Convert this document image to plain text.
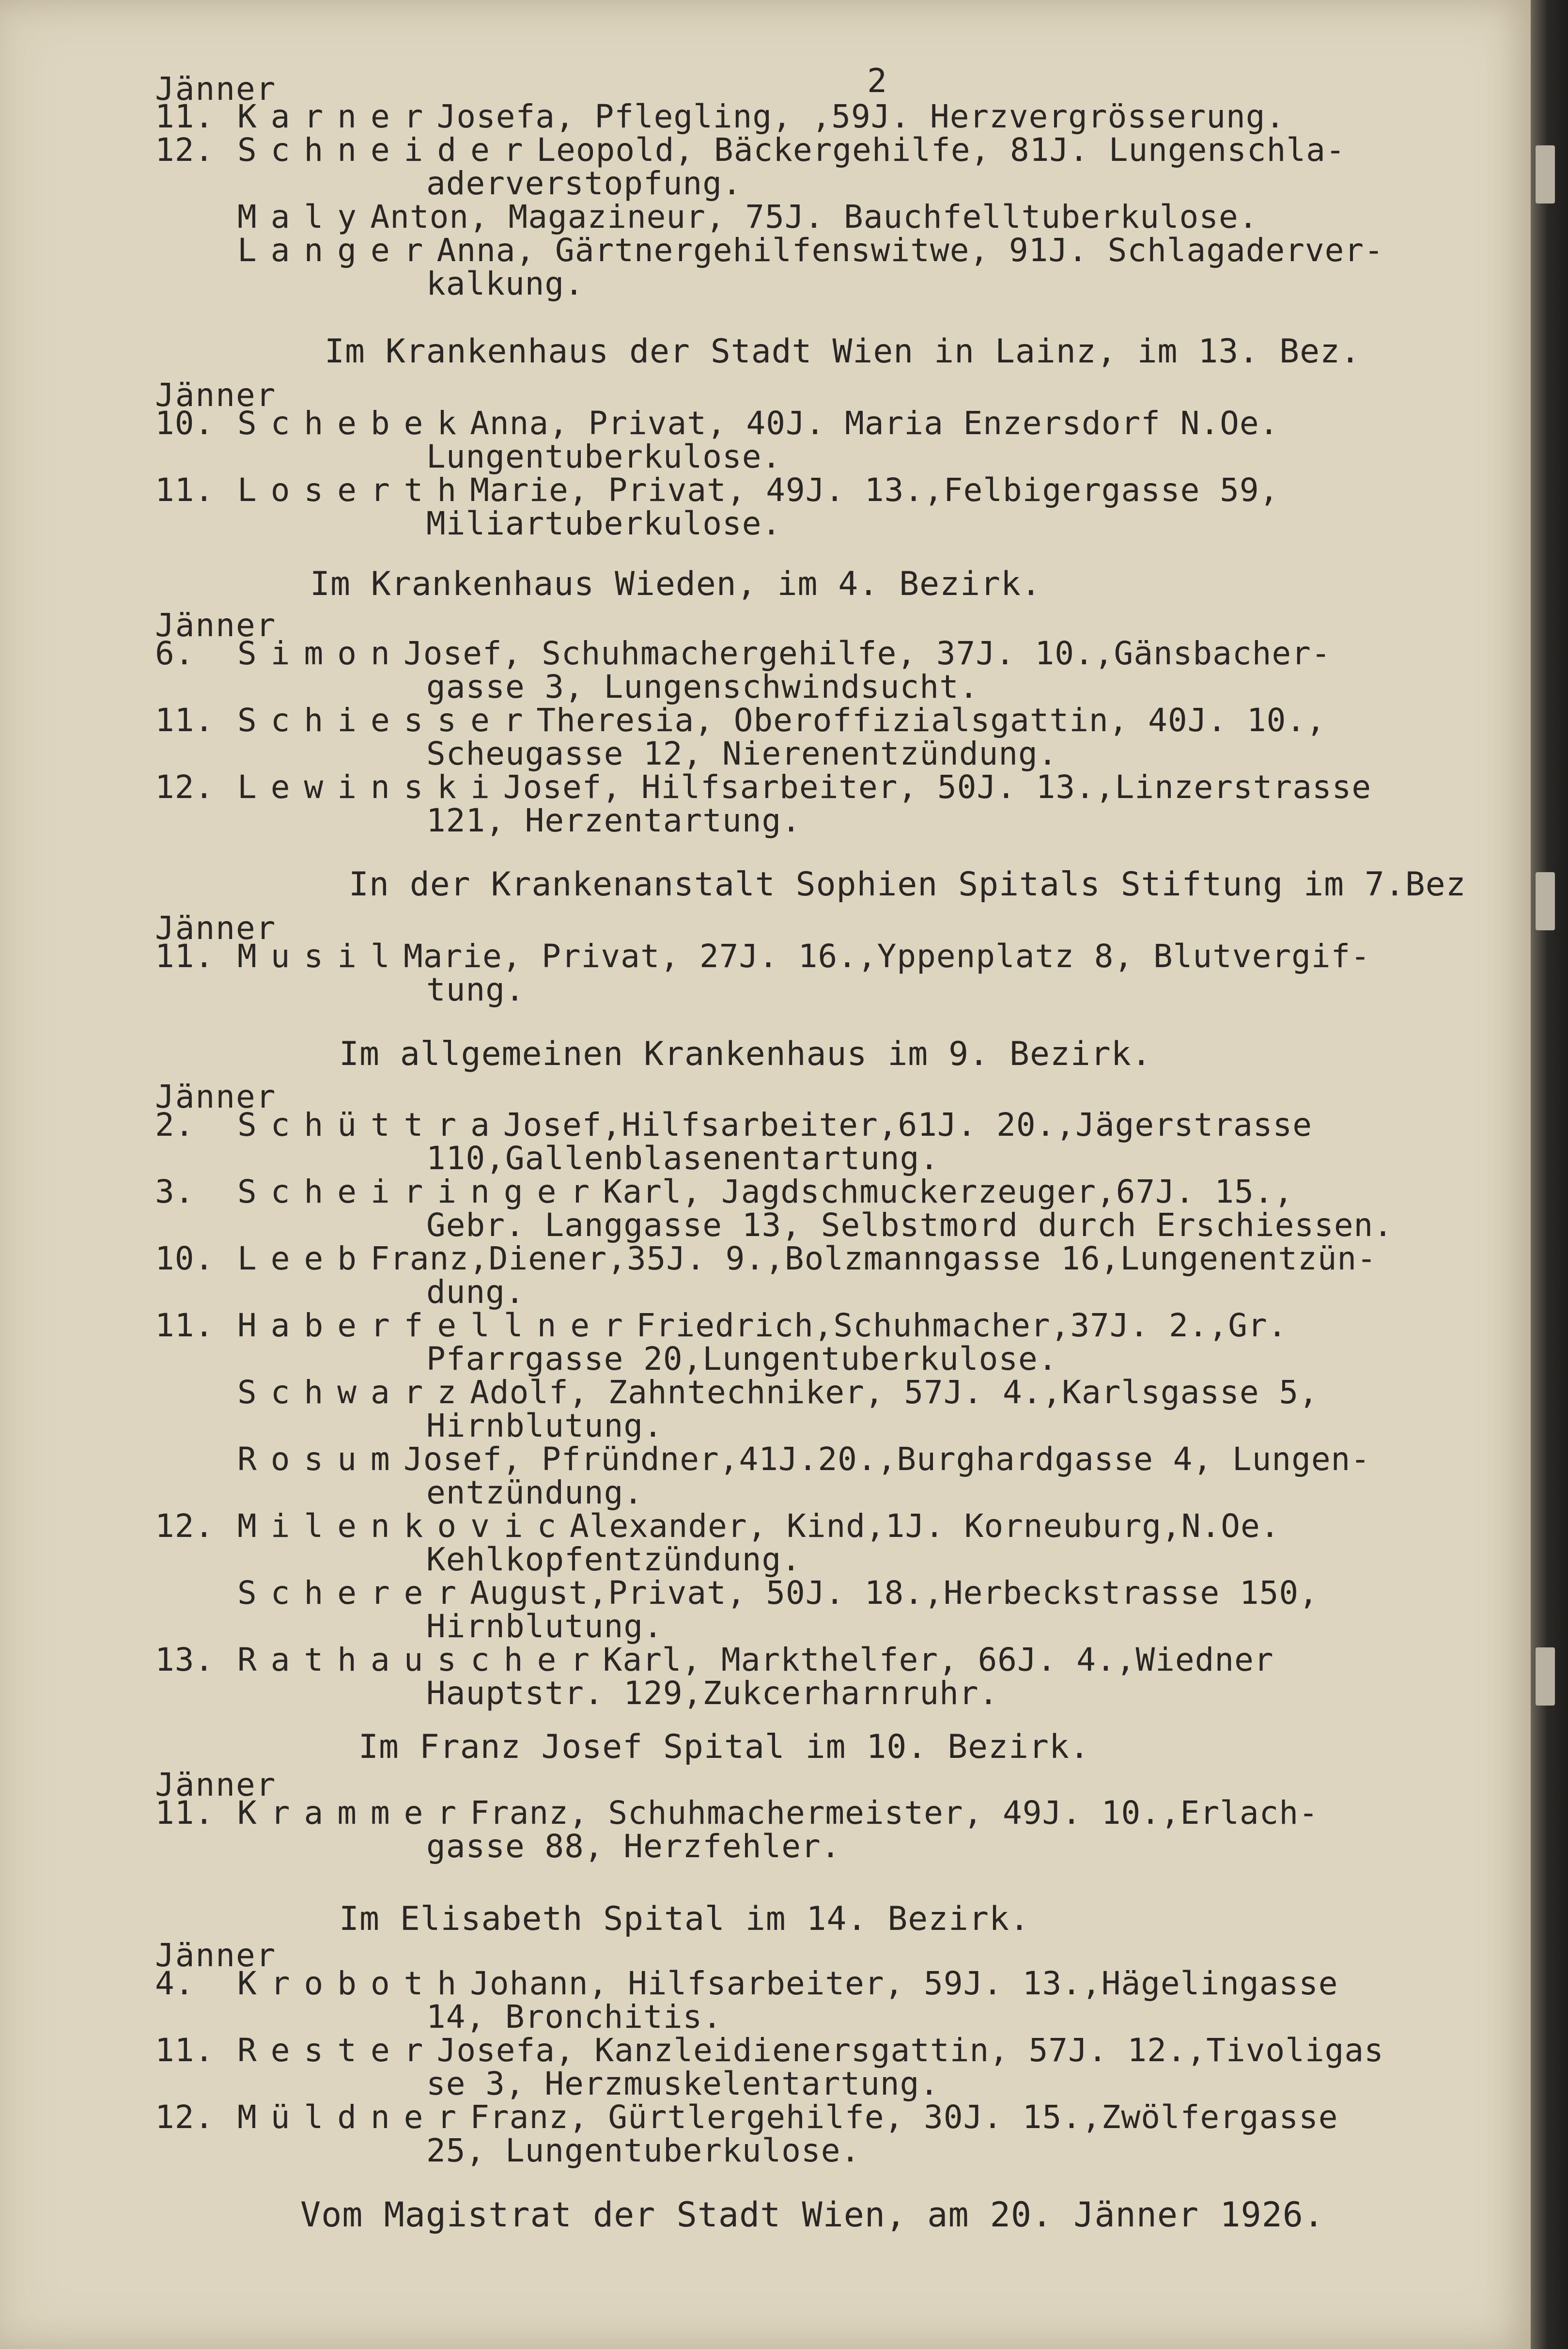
2
Jänner
11. Karner Josefa, Pflegling, ,59J. Herzvergrösserung.
12. Schneider
Leopold, Bäckergehilfe, 81J. Lungenschla-
aderverstopfung.
Maly Anton, Magazineur, 75J. Bauchfelltuberkulose.
Langer Anna, Gärtnergehilfenswitwe, 91J. Schlagaderver-
kalkung.
Im Krankenhaus der Stadt Wien in Lainz, im 13. Bez.
Jänner
10. Schebek Anna, Privat, 40J. Maria Enzersdorf N.Oe.
Lungentuberkulose.
11. Loserth Marie, Privat, 49J. 13.,Felbigergasse 59,
Miliartuberkulose.
Im Krankenhaus Wieden, im 4. Bezirk.
Jänner
6. Simon Josef, Schuhmachergehilfe, 37J. 10.,Gänsbacher-
gasse 3, Lungenschwindsucht.
11. Schiesser
Theresia, Oberoffizialsgattin, 40J. 10.,
Scheugasse 12, Nierenentzündung.
12. Lewinski
Josef, Hilfsarbeiter, 50J. 13.,Linzerstrasse
121, Herzentartung.
In der Krankenanstalt Sophien Spitals Stiftung im 7.Bez
Jänner
11. Musil Marie, Privat, 27J. 16.,Yppenplatz 8, Blutvergif-
tung.
Im allgemeinen Krankenhaus im 9. Bezirk.
Jänner
2. Schüttra
Josef,Hilfsarbeiter,61J. 20.,Jägerstrasse
110,Gallenblasenentartung.
3. Scheiringer
Karl, Jagdschmuckerzeuger,67J. 15.,
Gebr. Langgasse 13, Selbstmord durch Erschiessen.
10. Leeb Franz,Diener,35J. 9.,Bolzmanngasse 16,Lungenentzün-
dung.
11. Haberfellner
Friedrich,Schuhmacher,37J. 2.,Gr.
Pfarrgasse 20,Lungentuberkulose.
Schwarz Adolf, Zahntechniker, 57J. 4.,Karlsgasse 5,
Hirnblutung.
Rosum Josef, Pfründner,41J.20.,Burghardgasse 4, Lungen-
entzündung.
12. Milenkovic
Alexander, Kind,1J. Korneuburg,N.Oe.
Kehlkopfentzündung.
Scherer August,Privat, 50J. 18.,Herbeckstrasse 150,
Hirnblutung.
13. Rathauscher
Karl, Markthelfer, 66J. 4.,Wiedner
Hauptstr. 129,Zukcerharnruhr.
Im Franz Josef Spital im 10. Bezirk.
Jänner
11. Krammer Franz, Schuhmachermeister, 49J. 10.,Erlach-
gasse 88, Herzfehler.
Im Elisabeth Spital im 14. Bezirk.
Jänner
4. Kroboth Johann, Hilfsarbeiter, 59J. 13.,Hägelingasse
14, Bronchitis.
11. Rester Josefa, Kanzleidienersgattin, 57J. 12.,Tivoligas
se 3, Herzmuskelentartung.
12. Müldner Franz, Gürtlergehilfe, 30J. 15.,Zwölfergasse
25, Lungentuberkulose.
Vom Magistrat der Stadt Wien, am 20. Jänner 1926.
